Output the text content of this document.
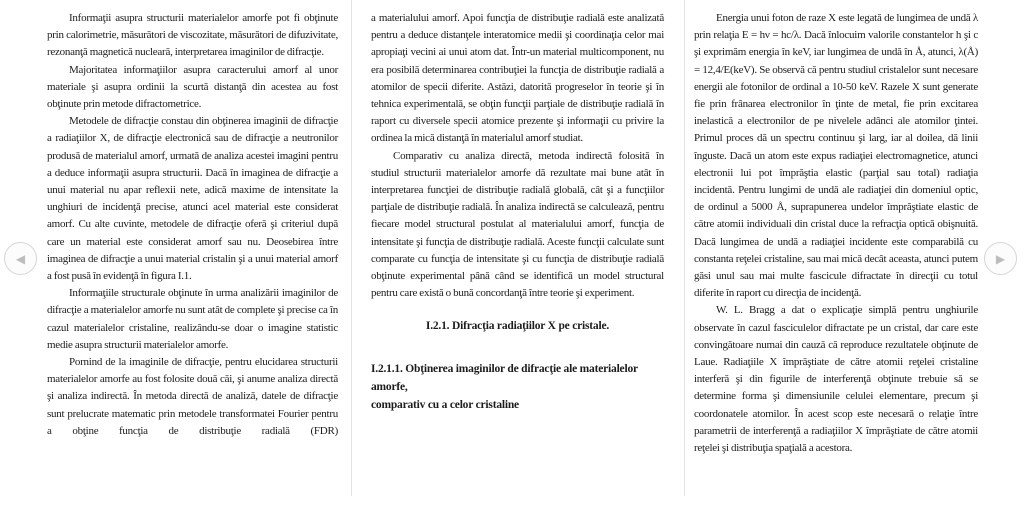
Informaţii asupra structurii materialelor amorfe pot fi obţinute prin calorimetrie, măsurători de viscozitate, măsurători de difuzivitate, rezonanţă magnetică nucleară, interpretarea imaginilor de difracţie.

Majoritatea informaţiilor asupra caracterului amorf al unor materiale şi asupra ordinii la scurtă distanţă din acestea au fost obţinute prin metode difractometrice.

Metodele de difracţie constau din obţinerea imaginii de difracţie a radiaţiilor X, de difracţie electronică sau de difracţie a neutronilor produsă de materialul amorf, urmată de analiza acestei imagini pentru a deduce informaţii asupra structurii. Dacă în imaginea de difracţie a unui material nu apar reflexii nete, adică maxime de intensitate la unghiuri de incidenţă precise, atunci acel material este considerat amorf. Cu alte cuvinte, metodele de difracţie oferă şi criteriul după care un material este considerat amorf sau nu. Deosebirea între imaginea de difracţie a unui material cristalin şi a unui material amorf a fost pusă în evidenţă în figura I.1.

Informaţiile structurale obţinute în urma analizării imaginilor de difracţie a materialelor amorfe nu sunt atât de complete şi precise ca în cazul materialelor cristaline, realizându-se doar o imagine statistic medie asupra structurii materialelor amorfe.

Pornind de la imaginile de difracţie, pentru elucidarea structurii materialelor amorfe au fost folosite două căi, şi anume analiza directă şi analiza indirectă. În metoda directă de analiză, datele de difracţie sunt prelucrate matematic prin metodele transformatei Fourier pentru a obţine funcţia de distribuţie radială (FDR)

a materialului amorf. Apoi funcţia de distribuţie radială este analizată pentru a deduce distanţele interatomice medii şi coordinaţia celor mai apropiaţi vecini ai unui atom dat. Într-un material multicomponent, nu era posibilă determinarea contribuţiei la funcţia de distribuţie radială a atomilor de specii diferite. Astăzi, datorită progreselor în teorie şi în tehnica experimentală, se obţin funcţii parţiale de distribuţie radială în raport cu diversele specii atomice prezente şi informaţii cu privire la ordinea la mică distanţă în materialul amorf studiat.

Comparativ cu analiza directă, metoda indirectă folosită în studiul structurii materialelor amorfe dă rezultate mai bune atât în interpretarea funcţiei de distribuţie radială globală, cât şi a funcţiilor parţiale de distribuţie radială. În analiza indirectă se calculează, pentru fiecare model structural postulat al materialului amorf, funcţia de intensitate şi funcţia de distribuţie radială. Aceste funcţii calculate sunt comparate cu funcţia de intensitate şi cu funcţia de distribuţie radială obţinute experimental până când se identifică un model structural pentru care există o bună concordanţă între teorie şi experiment.

I.2.1. Difracţia radiaţiilor X pe cristale.
I.2.1.1. Obţinerea imaginilor de difracţie ale materialelor amorfe,
comparativ cu a celor cristaline

Energia unui foton de raze X este legată de lungimea de undă λ prin relaţia E = hν = hc/λ. Dacă înlocuim valorile constantelor h şi c şi exprimăm energia în keV, iar lungimea de undă în Å, atunci, λ(Å) = 12,4/E(keV). Se observă că pentru studiul cristalelor sunt necesare energii ale fotonilor de ordinal a 10-50 keV. Razele X sunt generate fie prin frânarea electronilor în ţinte de metal, fie prin excitarea inelastică a electronilor de pe nivelele adânci ale atomilor ţintei. Primul proces dă un spectru continuu şi larg, iar al doilea, dă linii înguste. Dacă un atom este expus radiaţiei electromagnetice, atunci electronii lui pot împrăştia elastic (parţial sau total) radiaţia incidentă. Pentru lungimi de undă ale radiaţiei din domeniul optic, de ordinul a 5000 Å, suprapunerea undelor împrăştiate elastic de către atomii individuali din cristal duce la refracţia optică obişnuită. Dacă lungimea de undă a radiaţiei incidente este comparabilă cu constanta reţelei cristaline, sau mai mică decât aceasta, atunci putem găsi unul sau mai multe fascicule difractate în direcţii cu totul diferite în raport cu direcţia de incidenţă.

W. L. Bragg a dat o explicaţie simplă pentru unghiurile observate în cazul fasciculelor difractate pe un cristal, dar care este convingătoare numai din cauză că reproduce rezultatele obţinute de Laue. Radiaţiile X împrăştiate de către atomii reţelei cristaline interferă şi din figurile de interferenţă obţinute trebuie să se determine forma şi dimensiunile celulei elementare, precum şi coordonatele atomilor. În acest scop este necesară o relaţie între parametrii de interferenţă a radiaţiilor X împrăştiate de către atomii reţelei şi distribuţia spaţială a acestora.

◀	▶
